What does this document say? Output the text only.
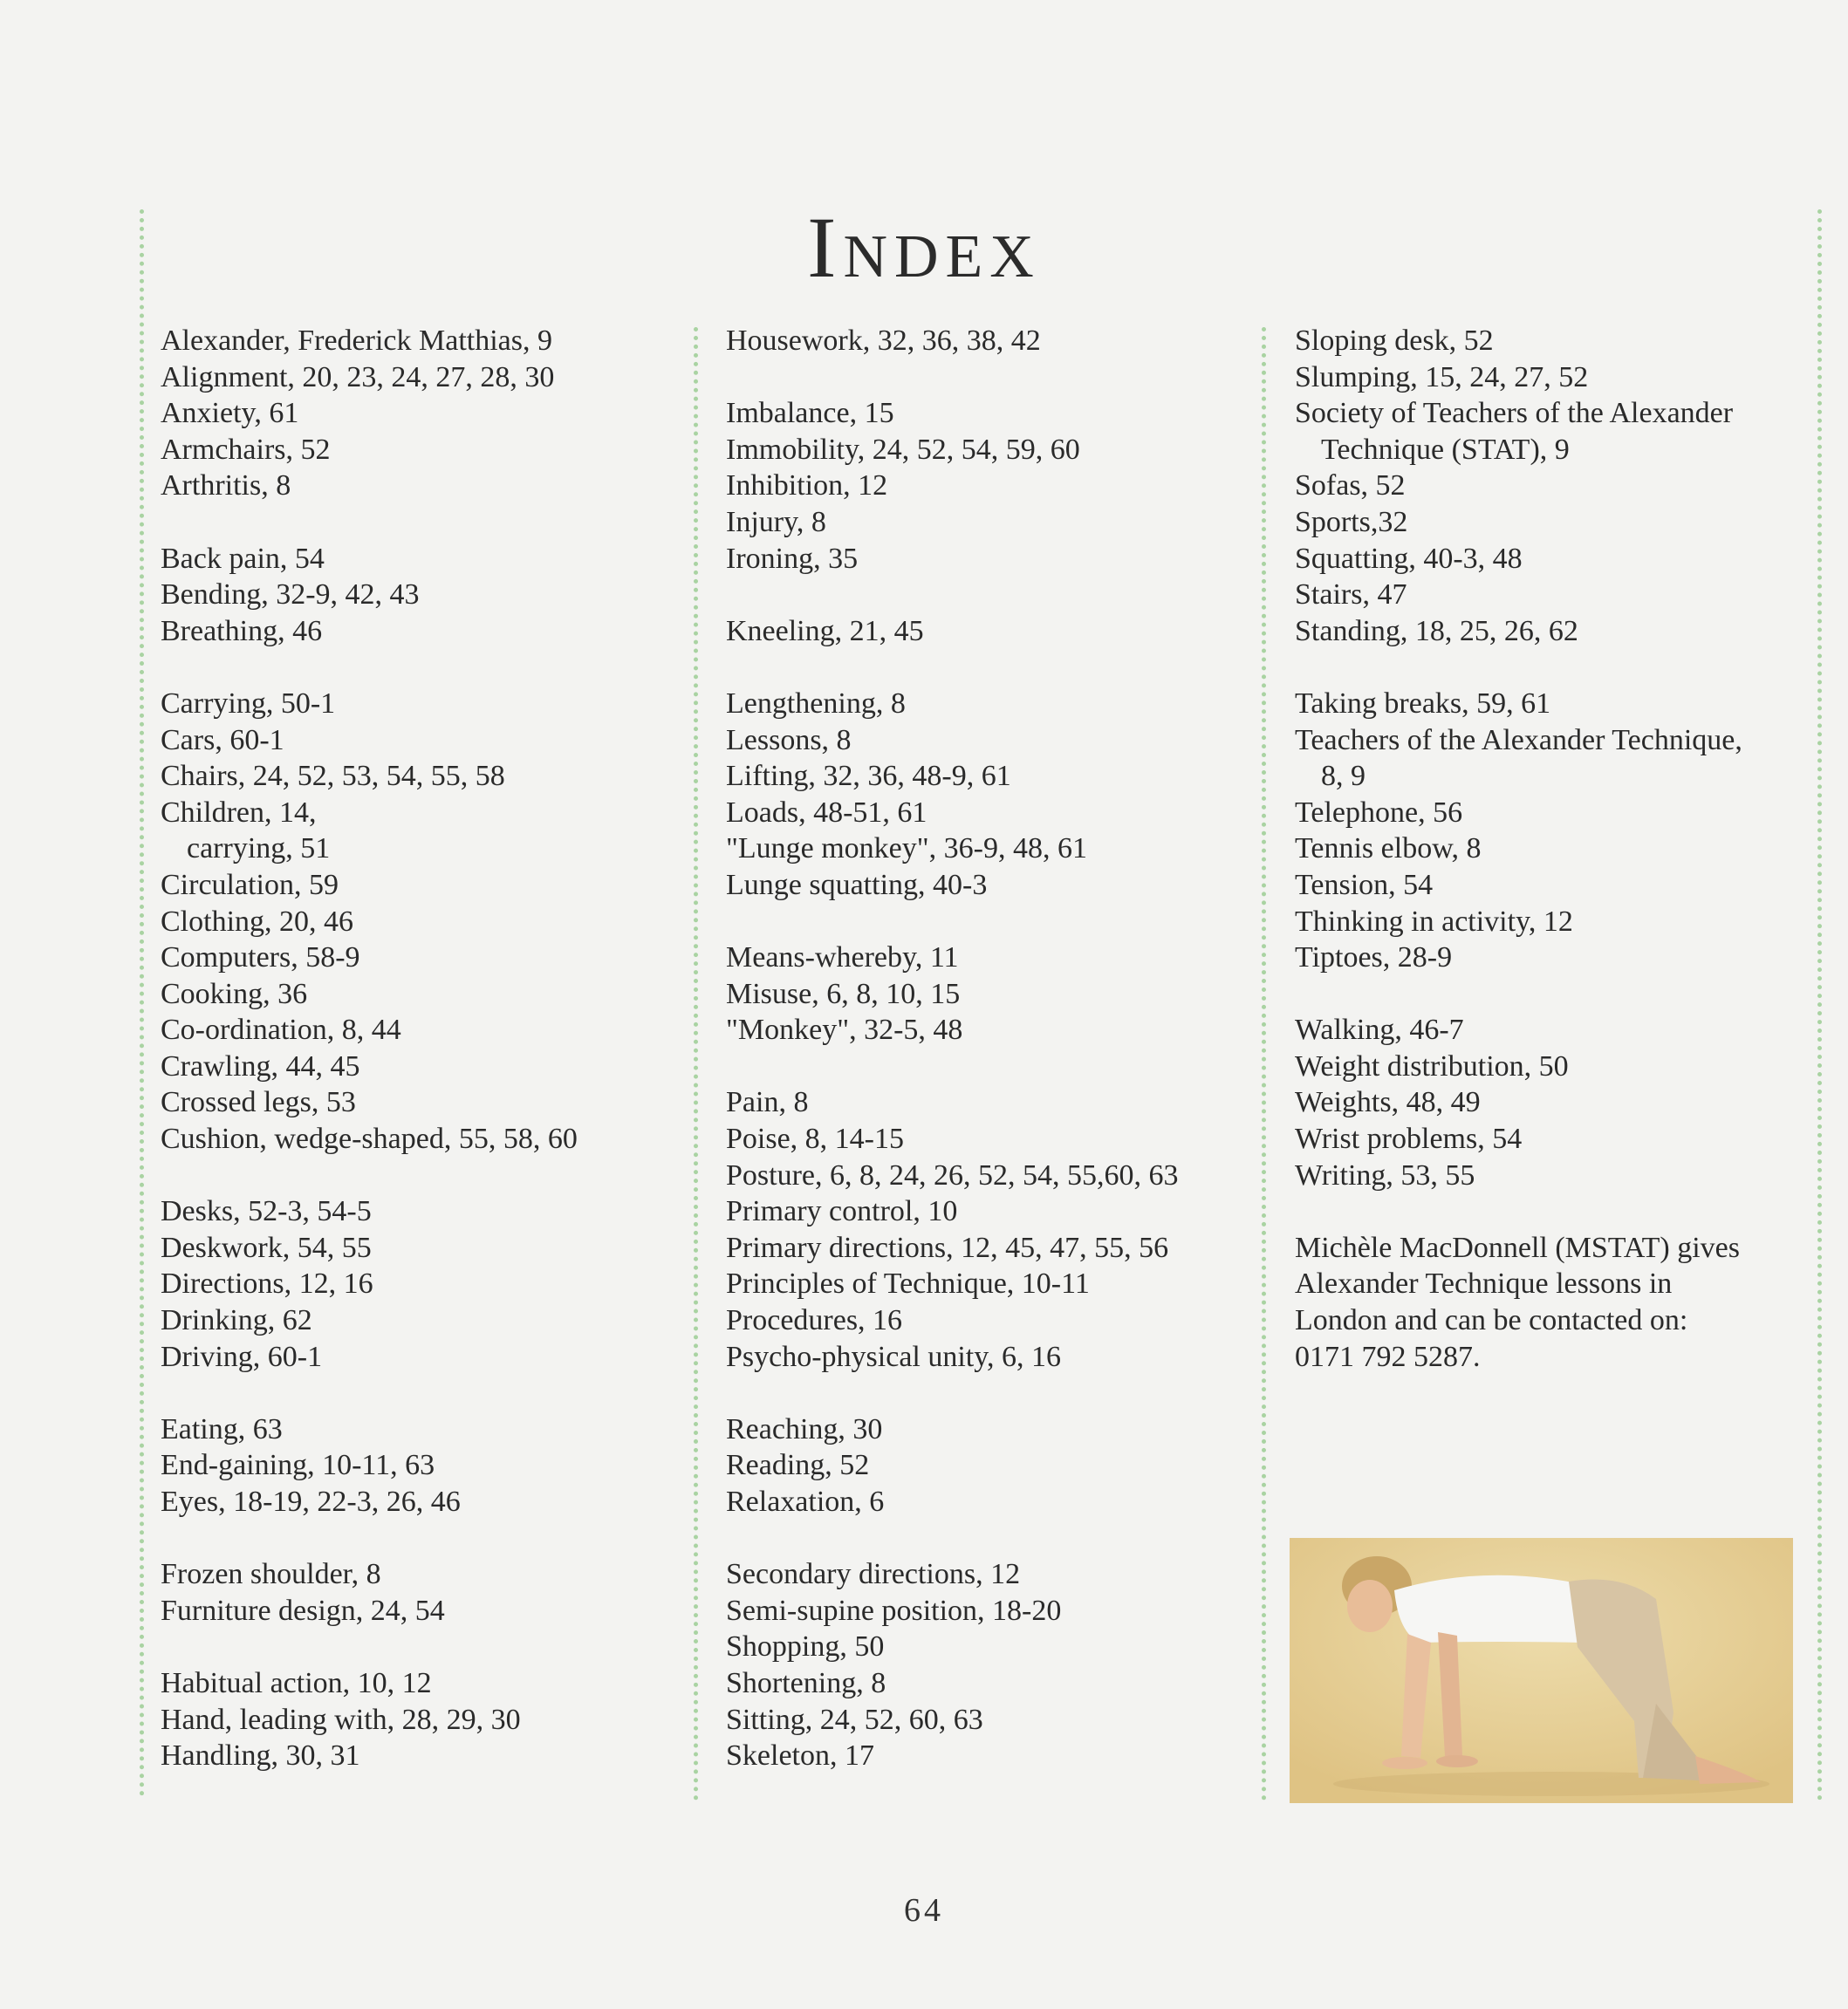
Index
Alexander, Frederick Matthias, 9
Alignment, 20, 23, 24, 27, 28, 30
Anxiety, 61
Armchairs, 52
Arthritis, 8
Back pain, 54
Bending, 32-9, 42, 43
Breathing, 46
Carrying, 50-1
Cars, 60-1
Chairs, 24, 52, 53, 54, 55, 58
Children, 14,
carrying, 51
Circulation, 59
Clothing, 20, 46
Computers, 58-9
Cooking, 36
Co-ordination, 8, 44
Crawling, 44, 45
Crossed legs, 53
Cushion, wedge-shaped, 55, 58, 60
Desks, 52-3, 54-5
Deskwork, 54, 55
Directions, 12, 16
Drinking, 62
Driving, 60-1
Eating, 63
End-gaining, 10-11, 63
Eyes, 18-19, 22-3, 26, 46
Frozen shoulder, 8
Furniture design, 24, 54
Habitual action, 10, 12
Hand, leading with, 28, 29, 30
Handling, 30, 31
Housework, 32, 36, 38, 42
Imbalance, 15
Immobility, 24, 52, 54, 59, 60
Inhibition, 12
Injury, 8
Ironing, 35
Kneeling, 21, 45
Lengthening, 8
Lessons, 8
Lifting, 32, 36, 48-9, 61
Loads, 48-51, 61
"Lunge monkey", 36-9, 48, 61
Lunge squatting, 40-3
Means-whereby, 11
Misuse, 6, 8, 10, 15
"Monkey", 32-5, 48
Pain, 8
Poise, 8, 14-15
Posture, 6, 8, 24, 26, 52, 54, 55,60, 63
Primary control, 10
Primary directions, 12, 45, 47, 55, 56
Principles of Technique, 10-11
Procedures, 16
Psycho-physical unity, 6, 16
Reaching, 30
Reading, 52
Relaxation, 6
Secondary directions, 12
Semi-supine position, 18-20
Shopping, 50
Shortening, 8
Sitting, 24, 52, 60, 63
Skeleton, 17
Sloping desk, 52
Slumping, 15, 24, 27, 52
Society of Teachers of the Alexander
Technique (STAT), 9
Sofas, 52
Sports,32
Squatting, 40-3, 48
Stairs, 47
Standing, 18, 25, 26, 62
Taking breaks, 59, 61
Teachers of the Alexander Technique,
8, 9
Telephone, 56
Tennis elbow, 8
Tension, 54
Thinking in activity, 12
Tiptoes, 28-9
Walking, 46-7
Weight distribution, 50
Weights, 48, 49
Wrist problems, 54
Writing, 53, 55
Michèle MacDonnell (MSTAT) gives
Alexander Technique lessons in
London and can be contacted on:
0171 792 5287.
64
